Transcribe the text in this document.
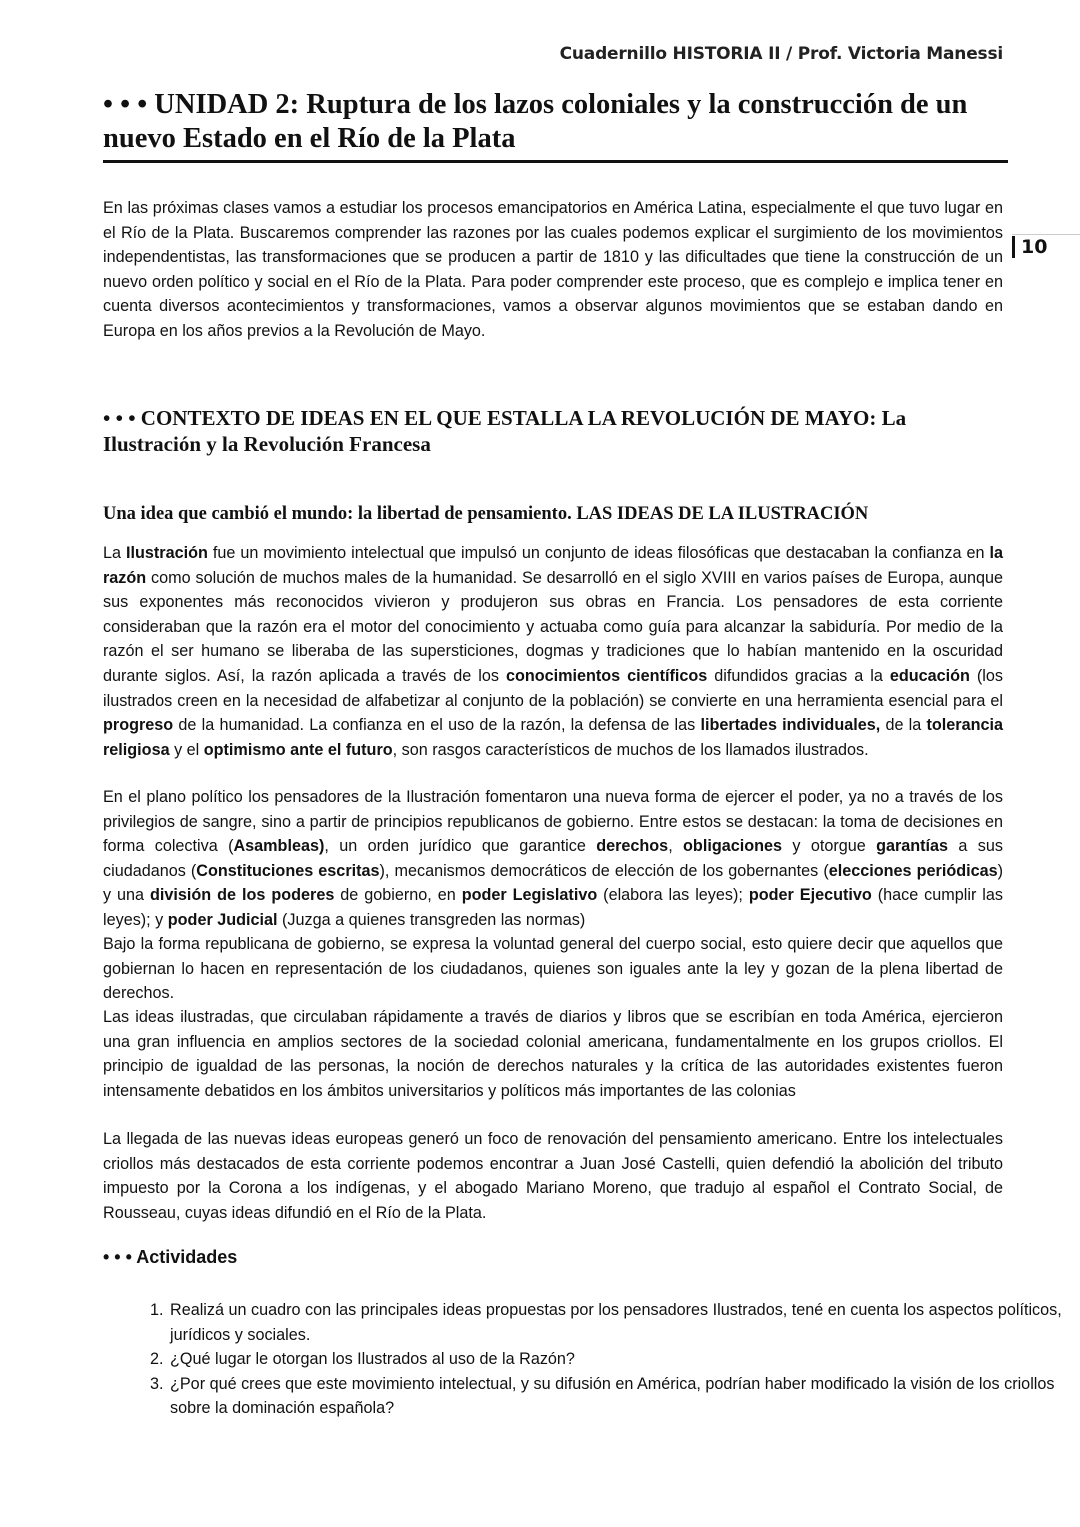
Cuadernillo HISTORIA II / Prof. Victoria Manessi
• • • UNIDAD 2: Ruptura de los lazos coloniales y la construcción de un nuevo Estado en el Río de la Plata
10

En las próximas clases vamos a estudiar los procesos emancipatorios en América Latina, especialmente el que tuvo lugar en el Río de la Plata. Buscaremos comprender las razones por las cuales podemos explicar el surgimiento de los movimientos independentistas, las transformaciones que se producen a partir de 1810 y las dificultades que tiene la construcción de un nuevo orden político y social en el Río de la Plata. Para poder comprender este proceso, que es complejo e implica tener en cuenta diversos acontecimientos y transformaciones, vamos a observar algunos movimientos que se estaban dando en Europa en los años previos a la Revolución de Mayo.

• • • CONTEXTO DE IDEAS EN EL QUE ESTALLA LA REVOLUCIÓN DE MAYO: La Ilustración y la Revolución Francesa
Una idea que cambió el mundo: la libertad de pensamiento. LAS IDEAS DE LA ILUSTRACIÓN

La Ilustración fue un movimiento intelectual que impulsó un conjunto de ideas filosóficas que destacaban la confianza en la razón como solución de muchos males de la humanidad. Se desarrolló en el siglo XVIII en varios países de Europa, aunque sus exponentes más reconocidos vivieron y produjeron sus obras en Francia. Los pensadores de esta corriente consideraban que la razón era el motor del conocimiento y actuaba como guía para alcanzar la sabiduría. Por medio de la razón el ser humano se liberaba de las supersticiones, dogmas y tradiciones que lo habían mantenido en la oscuridad durante siglos. Así, la razón aplicada a través de los conocimientos científicos difundidos gracias a la educación (los ilustrados creen en la necesidad de alfabetizar al conjunto de la población) se convierte en una herramienta esencial para el progreso de la humanidad. La confianza en el uso de la razón, la defensa de las libertades individuales, de la tolerancia religiosa y el optimismo ante el futuro, son rasgos característicos de muchos de los llamados ilustrados.

En el plano político los pensadores de la Ilustración fomentaron una nueva forma de ejercer el poder, ya no a través de los privilegios de sangre, sino a partir de principios republicanos de gobierno. Entre estos se destacan: la toma de decisiones en forma colectiva (Asambleas), un orden jurídico que garantice derechos, obligaciones y otorgue garantías a sus ciudadanos (Constituciones escritas), mecanismos democráticos de elección de los gobernantes (elecciones periódicas) y una división de los poderes de gobierno, en poder Legislativo (elabora las leyes); poder Ejecutivo (hace cumplir las leyes); y poder Judicial (Juzga a quienes transgreden las normas)

Bajo la forma republicana de gobierno, se expresa la voluntad general del cuerpo social, esto quiere decir que aquellos que gobiernan lo hacen en representación de los ciudadanos, quienes son iguales ante la ley y gozan de la plena libertad de derechos.

Las ideas ilustradas, que circulaban rápidamente a través de diarios y libros que se escribían en toda América, ejercieron una gran influencia en amplios sectores de la sociedad colonial americana, fundamentalmente en los grupos criollos. El principio de igualdad de las personas, la noción de derechos naturales y la crítica de las autoridades existentes fueron intensamente debatidos en los ámbitos universitarios y políticos más importantes de las colonias

La llegada de las nuevas ideas europeas generó un foco de renovación del pensamiento americano. Entre los intelectuales criollos más destacados de esta corriente podemos encontrar a Juan José Castelli, quien defendió la abolición del tributo impuesto por la Corona a los indígenas, y el abogado Mariano Moreno, que tradujo al español el Contrato Social, de Rousseau, cuyas ideas difundió en el Río de la Plata.

• • • Actividades
1. Realizá un cuadro con las principales ideas propuestas por los pensadores Ilustrados, tené en cuenta los aspectos políticos, jurídicos y sociales.
2. ¿Qué lugar le otorgan los Ilustrados al uso de la Razón?
3. ¿Por qué crees que este movimiento intelectual, y su difusión en América, podrían haber modificado la visión de los criollos sobre la dominación española?
